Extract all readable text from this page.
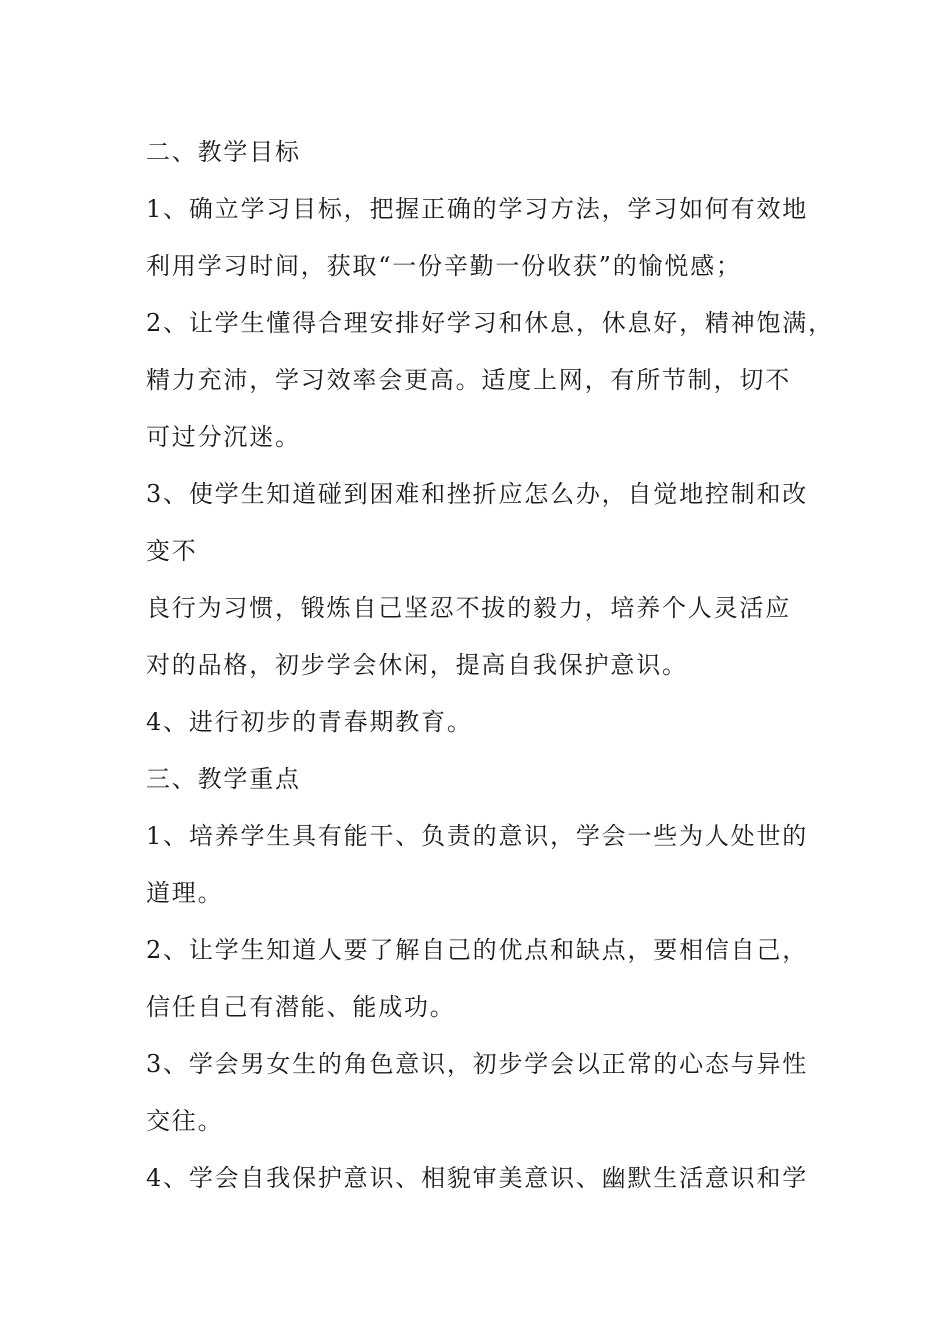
二、教学目标

1、确立学习目标，把握正确的学习方法，学习如何有效地

利用学习时间，获取“一份辛勤一份收获”的愉悦感；

2、让学生懂得合理安排好学习和休息，休息好，精神饱满，

精力充沛，学习效率会更高。适度上网，有所节制，切不

可过分沉迷。

3、使学生知道碰到困难和挫折应怎么办，自觉地控制和改

变不

良行为习惯，锻炼自己坚忍不拔的毅力，培养个人灵活应

对的品格，初步学会休闲，提高自我保护意识。

4、进行初步的青春期教育。

三、教学重点

1、培养学生具有能干、负责的意识，学会一些为人处世的

道理。

2、让学生知道人要了解自己的优点和缺点，要相信自己，

信任自己有潜能、能成功。

3、学会男女生的角色意识，初步学会以正常的心态与异性

交往。

4、学会自我保护意识、相貌审美意识、幽默生活意识和学
